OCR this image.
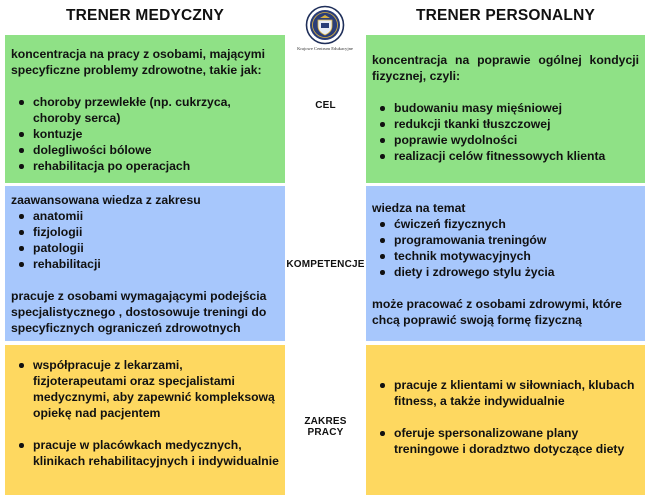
TRENER MEDYCZNY	TRENER PERSONALNY
Krajowe Centrum Edukacyjne
CEL
KOMPETENCJE
ZAKRES PRACY
koncentracja na pracy z osobami, mającymi specyficzne problemy zdrowotne, takie jak:
choroby przewlekłe (np. cukrzyca, choroby serca)
kontuzje
dolegliwości bólowe
rehabilitacja po operacjach
koncentracja na poprawie ogólnej kondycji fizycznej, czyli:
budowaniu masy mięśniowej
redukcji tkanki tłuszczowej
poprawie wydolności
realizacji celów fitnessowych klienta
zaawansowana wiedza z zakresu
anatomii
fizjologii
patologii
rehabilitacji
pracuje z osobami wymagającymi podejścia specjalistycznego , dostosowuje treningi do specyficznych ograniczeń zdrowotnych
wiedza na temat
ćwiczeń fizycznych
programowania treningów
technik motywacyjnych
diety i zdrowego stylu życia
może pracować z osobami zdrowymi, które chcą poprawić swoją formę fizyczną
współpracuje z lekarzami, fizjoterapeutami oraz specjalistami medycznymi, aby zapewnić kompleksową opiekę nad pacjentem
pracuje w placówkach medycznych, klinikach rehabilitacyjnych i indywidualnie
pracuje z klientami w siłowniach, klubach fitness, a także indywidualnie
oferuje spersonalizowane plany treningowe i doradztwo dotyczące diety
